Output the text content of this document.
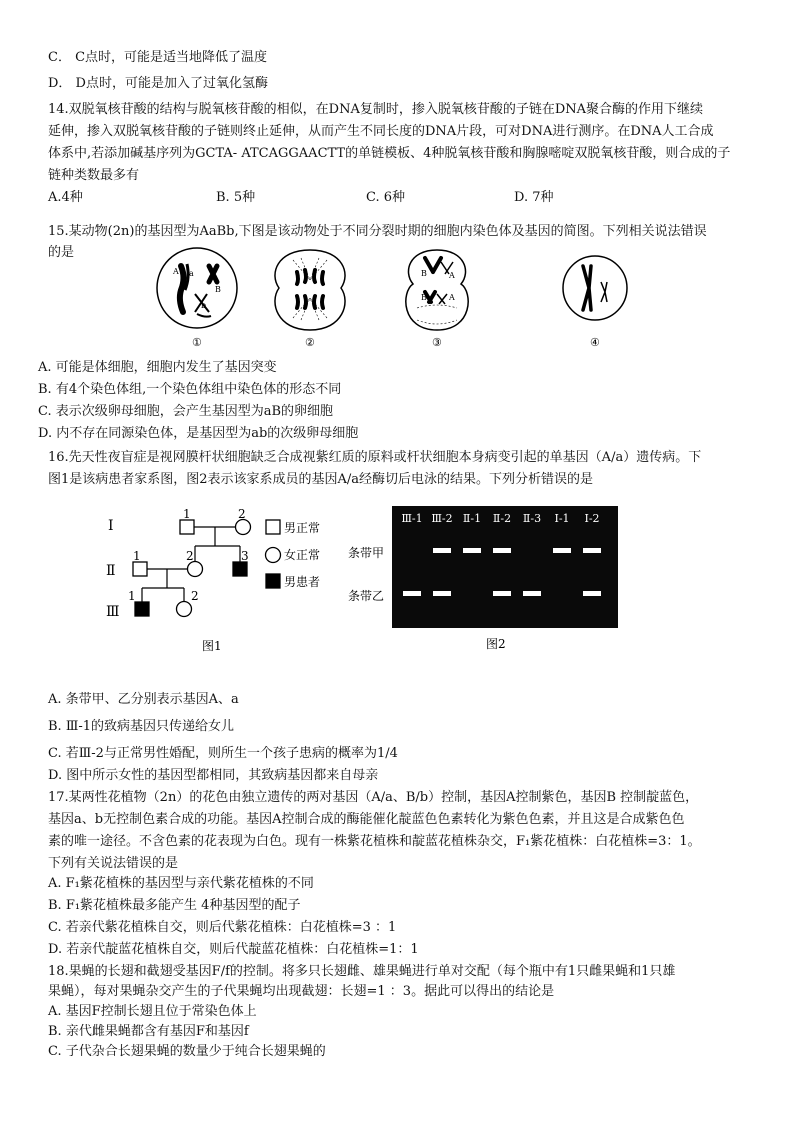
C． C点时，可能是适当地降低了温度
D． D点时，可能是加入了过氧化氢酶
14.双脱氧核苷酸的结构与脱氧核苷酸的相似，在DNA复制时，掺入脱氧核苷酸的子链在DNA聚合酶的作用下继续
延伸，掺入双脱氧核苷酸的子链则终止延伸，从而产生不同长度的DNA片段，可对DNA进行测序。在DNA人工合成
体系中,若添加碱基序列为GCTA- ATCAGGAACTT的单链模板、4种脱氧核苷酸和胸腺嘧啶双脱氧核苷酸，则合成的子
链种类数最多有
A.4种	B. 5种	C. 6种	D. 7种
15.某动物(2n)的基因型为AaBb,下图是该动物处于不同分裂时期的细胞内染色体及基因的简图。下列相关说法错误
的是
a
A
B
b
①	②
B	A
B	A
③	④
A. 可能是体细胞，细胞内发生了基因突变
B. 有4个染色体组,一个染色体组中染色体的形态不同
C. 表示次级卵母细胞，会产生基因型为aB的卵细胞
D. 内不存在同源染色体，是基因型为ab的次级卵母细胞
16.先天性夜盲症是视网膜杆状细胞缺乏合成视紫红质的原料或杆状细胞本身病变引起的单基因（A/a）遗传病。下
图1是该病患者家系图，图2表示该家系成员的基因A/a经酶切后电泳的结果。下列分析错误的是
Ⅰ
Ⅱ
Ⅲ
1	2
1	2	3
1	2
男正常
女正常
男患者
图1
条带甲
条带乙
Ⅲ-1 Ⅲ-2 Ⅱ-1 Ⅱ-2 Ⅱ-3 Ⅰ-1 Ⅰ-2
图2
A. 条带甲、乙分别表示基因A、a
B. Ⅲ-1的致病基因只传递给女儿
C. 若Ⅲ-2与正常男性婚配，则所生一个孩子患病的概率为1/4
D. 图中所示女性的基因型都相同，其致病基因都来自母亲
17.某两性花植物（2n）的花色由独立遗传的两对基因（A/a、B/b）控制，基因A控制紫色，基因B 控制靛蓝色，
基因a、b无控制色素合成的功能。基因A控制合成的酶能催化靛蓝色色素转化为紫色色素，并且这是合成紫色色
素的唯一途径。不含色素的花表现为白色。现有一株紫花植株和靛蓝花植株杂交，F₁紫花植株：白花植株=3：1。
下列有关说法错误的是
A. F₁紫花植株的基因型与亲代紫花植株的不同
B. F₁紫花植株最多能产生 4种基因型的配子
C. 若亲代紫花植株自交，则后代紫花植株：白花植株=3 ：1
D. 若亲代靛蓝花植株自交，则后代靛蓝花植株：白花植株=1：1
18.果蝇的长翅和截翅受基因F/f的控制。将多只长翅雌、雄果蝇进行单对交配（每个瓶中有1只雌果蝇和1只雄
果蝇），每对果蝇杂交产生的子代果蝇均出现截翅：长翅=1 ：3。据此可以得出的结论是
A. 基因F控制长翅且位于常染色体上
B. 亲代雌果蝇都含有基因F和基因f
C. 子代杂合长翅果蝇的数量少于纯合长翅果蝇的
